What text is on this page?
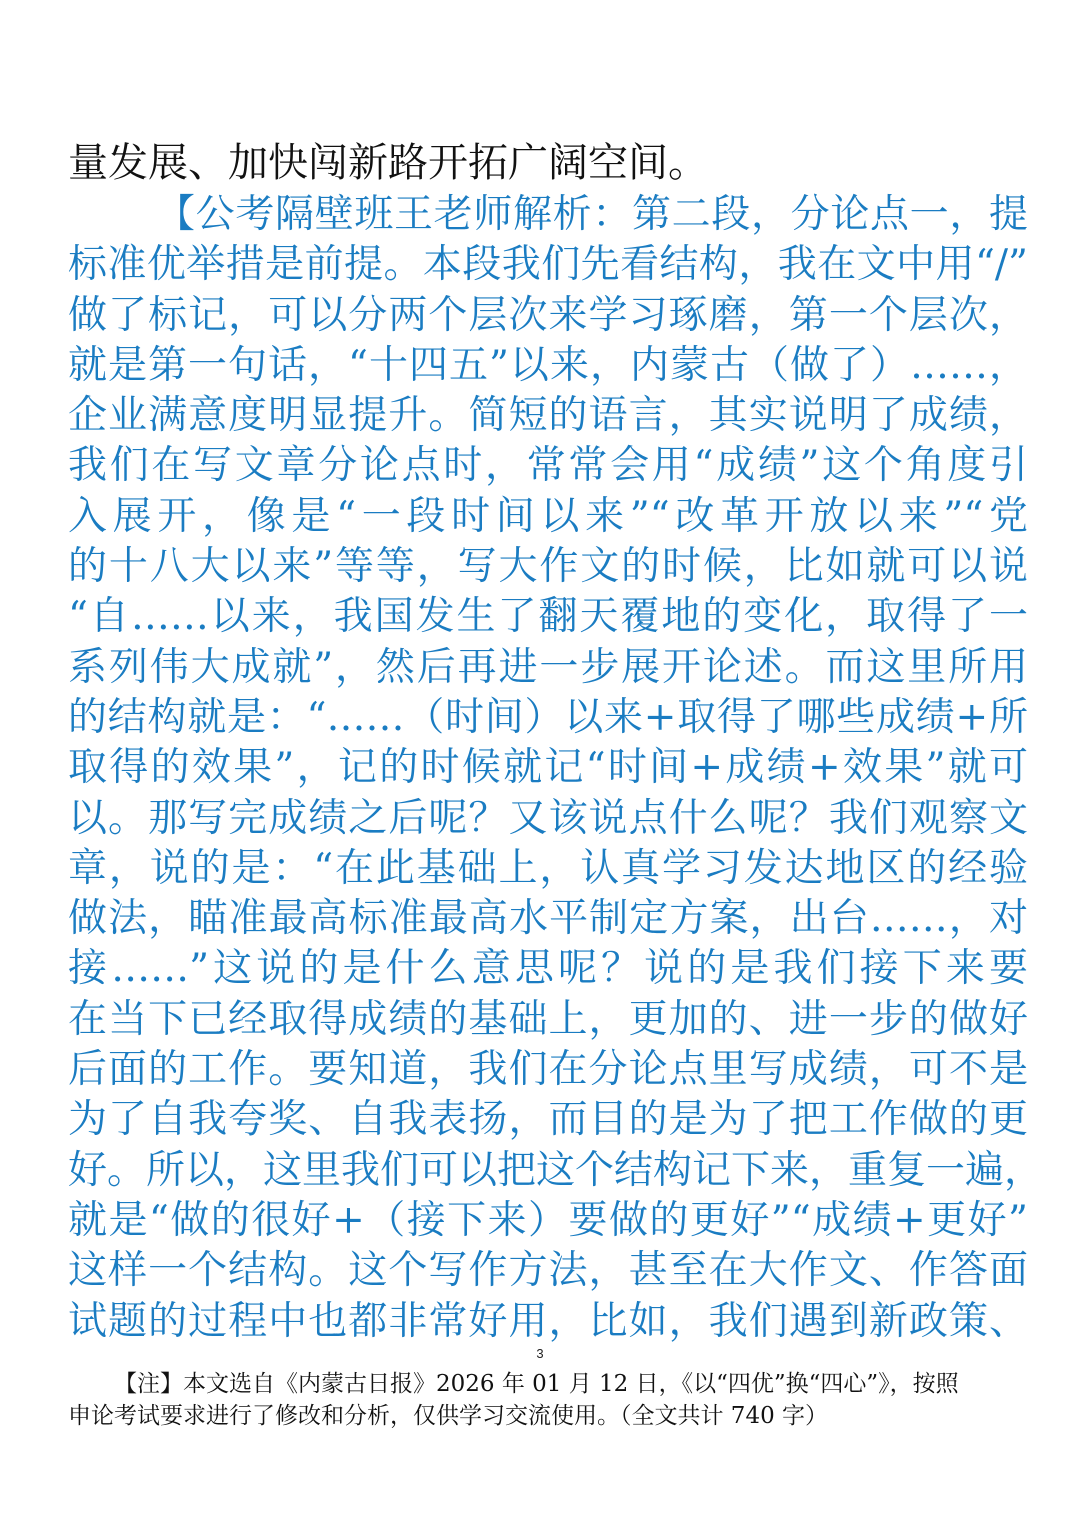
量发展、加快闯新路开拓广阔空间。
【公考隔壁班王老师解析：第二段，分论点一，提
标准优举措是前提。本段我们先看结构，我在文中用“/”
做了标记，可以分两个层次来学习琢磨，第一个层次，
就是第一句话，“十四五”以来，内蒙古（做了）……，
企业满意度明显提升。简短的语言，其实说明了成绩，
我们在写文章分论点时，常常会用“成绩”这个角度引
入展开，像是“一段时间以来”“改革开放以来”“党
的十八大以来”等等，写大作文的时候，比如就可以说
“自……以来，我国发生了翻天覆地的变化，取得了一
系列伟大成就”，然后再进一步展开论述。而这里所用
的结构就是：“……（时间）以来+取得了哪些成绩+所
取得的效果”，记的时候就记“时间+成绩+效果”就可
以。那写完成绩之后呢？又该说点什么呢？我们观察文
章，说的是：“在此基础上，认真学习发达地区的经验
做法，瞄准最高标准最高水平制定方案，出台……，对
接……”这说的是什么意思呢？说的是我们接下来要
在当下已经取得成绩的基础上，更加的、进一步的做好
后面的工作。要知道，我们在分论点里写成绩，可不是
为了自我夸奖、自我表扬，而目的是为了把工作做的更
好。所以，这里我们可以把这个结构记下来，重复一遍，
就是“做的很好+（接下来）要做的更好”“成绩+更好”
这样一个结构。这个写作方法，甚至在大作文、作答面
试题的过程中也都非常好用，比如，我们遇到新政策、
3
【注】本文选自《内蒙古日报》2026 年 01 月 12 日，《以“四优”换“四心”》，按照
申论考试要求进行了修改和分析，仅供学习交流使用。（全文共计 740 字）
